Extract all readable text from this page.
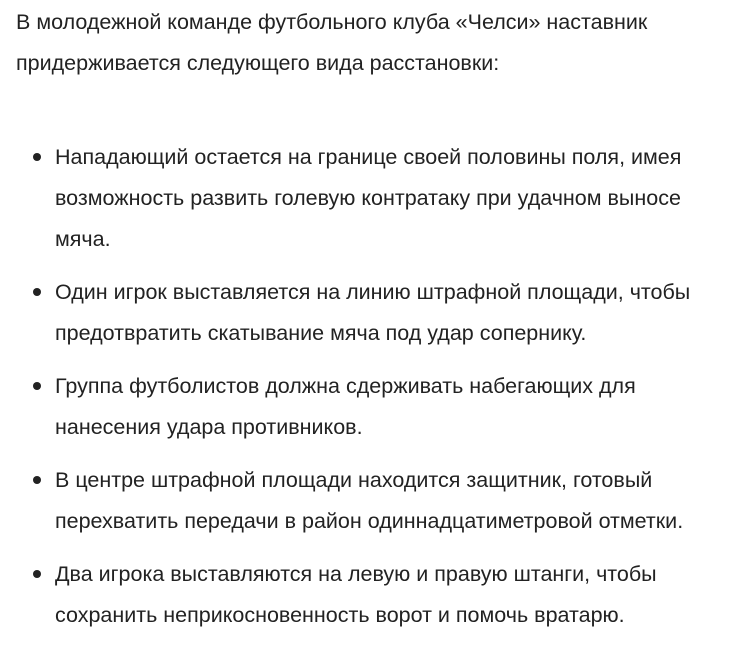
В молодежной команде футбольного клуба «Челси» наставник придерживается следующего вида расстановки:

Нападающий остается на границе своей половины поля, имея возможность развить голевую контратаку при удачном выносе мяча.
Один игрок выставляется на линию штрафной площади, чтобы предотвратить скатывание мяча под удар сопернику.
Группа футболистов должна сдерживать набегающих для нанесения удара противников.
В центре штрафной площади находится защитник, готовый перехватить передачи в район одиннадцатиметровой отметки.
Два игрока выставляются на левую и правую штанги, чтобы сохранить неприкосновенность ворот и помочь вратарю.
